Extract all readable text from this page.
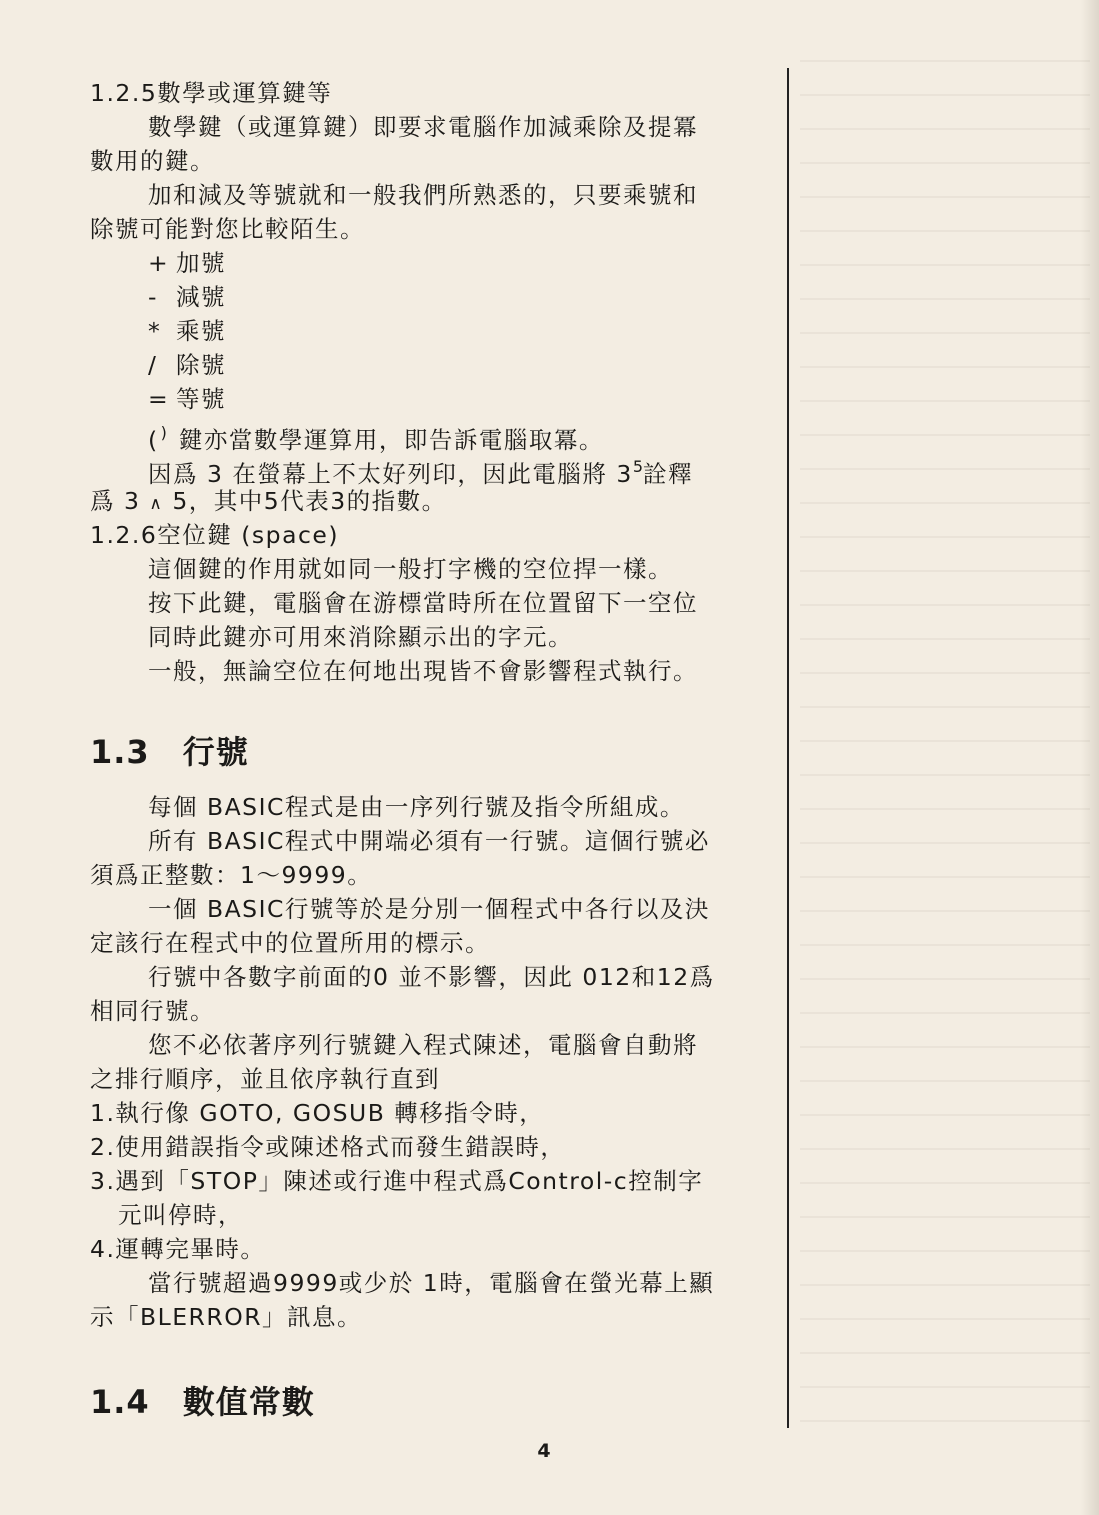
1.2.5數學或運算鍵等
數學鍵（或運算鍵）即要求電腦作加減乘除及提冪
數用的鍵。
加和減及等號就和一般我們所熟悉的，只要乘號和
除號可能對您比較陌生。
+ 加號
- 減號
* 乘號
/ 除號
= 等號
( ) 鍵亦當數學運算用，即告訴電腦取冪。
因爲 3 在螢幕上不太好列印，因此電腦將 $3^5$詮釋
爲 3 ∧ 5，其中5代表3的指數。
1.2.6空位鍵 (space)
這個鍵的作用就如同一般打字機的空位捍一樣。
按下此鍵，電腦會在游標當時所在位置留下一空位
同時此鍵亦可用來消除顯示出的字元。
一般，無論空位在何地出現皆不會影響程式執行。
1.3　行號
每個 BASIC程式是由一序列行號及指令所組成。
所有 BASIC程式中開端必須有一行號。這個行號必
須爲正整數：1～9999。
一個 BASIC行號等於是分別一個程式中各行以及決
定該行在程式中的位置所用的標示。
行號中各數字前面的0 並不影響，因此 012和12爲
相同行號。
您不必依著序列行號鍵入程式陳述，電腦會自動將
之排行順序，並且依序執行直到
1.執行像 GOTO, GOSUB 轉移指令時，
2.使用錯誤指令或陳述格式而發生錯誤時，
3.遇到「STOP」陳述或行進中程式爲Control-c控制字
元叫停時，
4.運轉完畢時。
當行號超過9999或少於 1時，電腦會在螢光幕上顯
示「BLERROR」訊息。
1.4　數值常數
4
